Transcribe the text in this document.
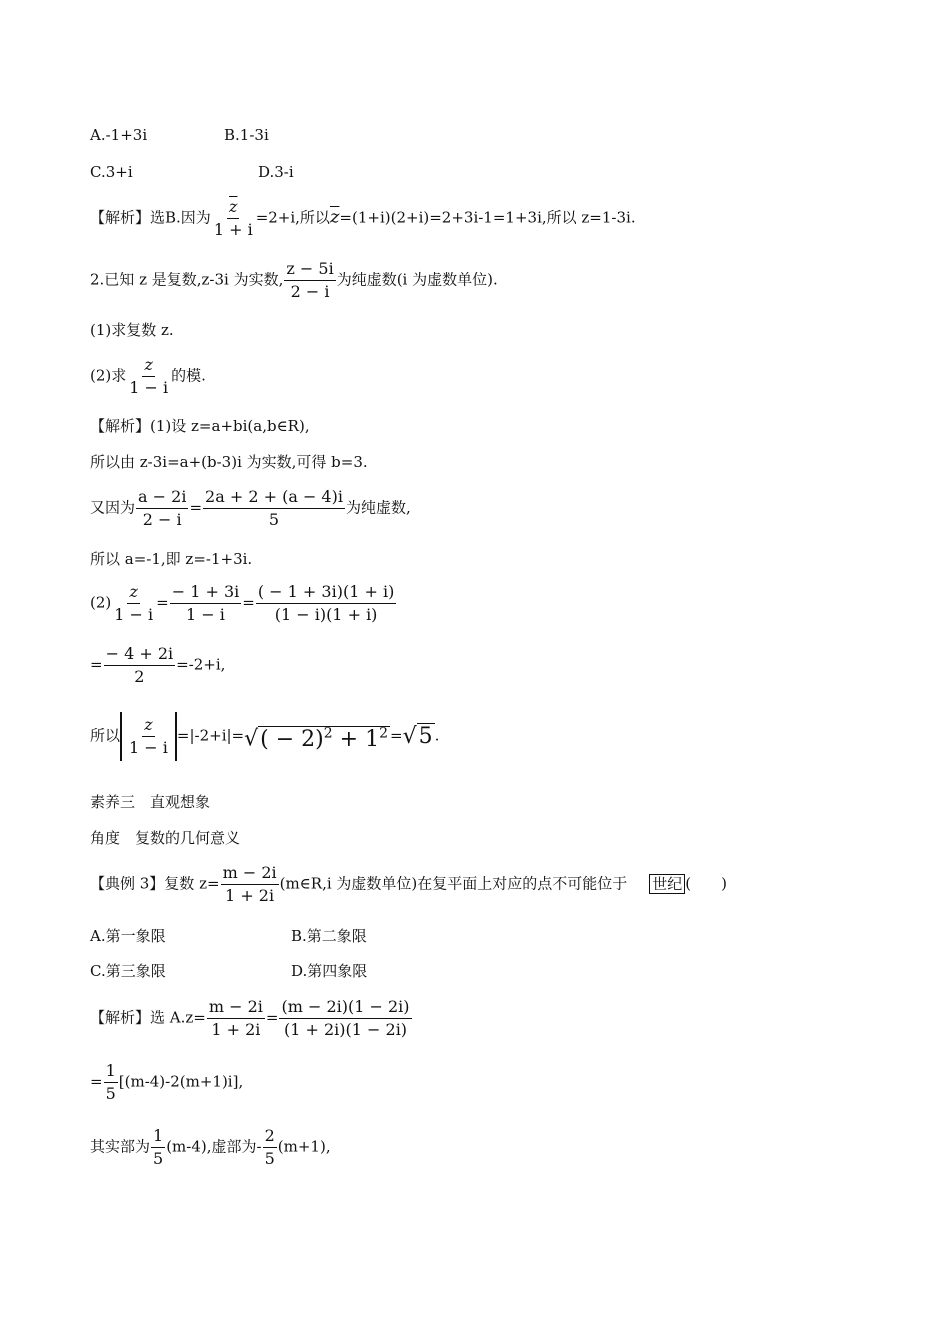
A.-1+3i	B.1-3i
C.3+i	D.3-i
【解析】选B.因为 $\frac{\overline{z}}{1 + i} =2+i$,所以$\overline{z}=(1+i)(2+i)=2+3i-1=1+3i$,所以 z=1-3i.
2.已知 z 是复数,z-3i 为实数, $\frac{z - 5i}{2 - i}$ 为纯虚数(i 为虚数单位).
(1)求复数 z.
(2)求 $\frac{z}{1 - i}$ 的模.
【解析】(1)设 z=a+bi(a,b∈R),
所以由 z-3i=a+(b-3)i 为实数,可得 b=3.
又因为 $\frac{a - 2i}{2 - i} = \frac{2a + 2 + (a - 4)i}{5}$ 为纯虚数,
所以 a=-1,即 z=-1+3i.
$(2) \frac{z}{1 - i} = \frac{- 1 + 3i}{1 - i} = \frac{( - 1 + 3i)(1 + i)}{(1 - i)(1 + i)}$
= $\frac{- 4 + 2i}{2} =-2+i$,
所以 $\frac{z}{1 - i} =|-2+i|=√( - 2)^2 + 1^2 =√5$ .
素养三　直观想象
角度　复数的几何意义
【典例 3】复数 $z= \frac{m - 2i}{1 + 2i}$ (m∈R,i 为虚数单位)在复平面上对应的点不可能位于 世纪 (　　)
A.第一象限	B.第二象限
C.第三象限	D.第四象限
【解析】选 $A.z= \frac{m - 2i}{1 + 2i} = \frac{(m - 2i)(1 - 2i)}{(1 + 2i)(1 - 2i)}$
= $\frac{1}{5} [(m-4)-2(m+1)i]$,
其实部为 $\frac{1}{5} (m-4)$,虚部为- $\frac{2}{5} (m+1)$,
